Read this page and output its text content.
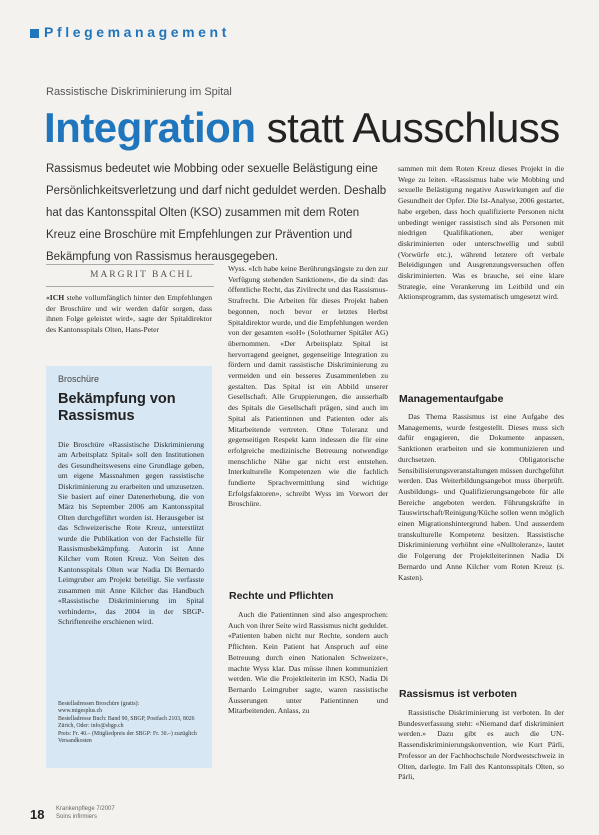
Pflegemanagement
Rassistische Diskriminierung im Spital
Integration statt Ausschluss
Rassismus bedeutet wie Mobbing oder sexuelle Belästigung eine Persönlichkeitsverletzung und darf nicht geduldet werden. Deshalb hat das Kantonsspital Olten (KSO) zusammen mit dem Roten Kreuz eine Broschüre mit Empfehlungen zur Prävention und Bekämpfung von Rassismus herausgegeben.
MARGRIT BACHL

«ICH stehe vollumfänglich hinter den Empfehlungen der Broschüre und wir werden dafür sorgen, dass ihnen Folge geleistet wird», sagte der Spitaldirektor des Kantonsspitals Olten, Hans-Peter

Broschüre
Bekämpfung von Rassismus

Die Broschüre «Rassistische Diskriminierung am Arbeitsplatz Spital» soll den Institutionen des Gesundheitswesens eine Grundlage geben, um eigene Massnahmen gegen rassistische Diskriminierung zu erarbeiten und umzusetzen. Sie basiert auf einer Datenerhebung, die von März bis September 2006 am Kantonsspital Olten durchgeführt worden ist. Herausgeber ist das Schweizerische Rote Kreuz, unterstützt wurde die Publikation von der Fachstelle für Rassismusbekämpfung. Autorin ist Anne Kilcher vom Roten Kreuz. Von Seiten des Kantonsspitals Olten war Nadia Di Bernardo Leimgruber am Projekt beteiligt. Sie verfasste zusammen mit Anne Kilcher das Handbuch «Rassistische Diskriminierung im Spital verhindern», das 2004 in der SBGP-Schriftenreihe erschienen wird.

Bestelladressen Broschüre (gratis):

www.migesplus.ch

Bestelladresse Buch: Band 90, SBGP, Postfach 2103, 8026 Zürich, Oder: info@sbgp.ch

Preis: Fr. 40.– (Mitgliedpreis der SBGP: Fr. 30.–) zuzüglich Versandkosten

Wyss. «Ich habe keine Berührungsängste zu den zur Verfügung stehenden Sanktionen», die da sind: das öffentliche Recht, das Zivilrecht und das Rassismus-Strafrecht. Die Arbeiten für dieses Projekt haben begonnen, noch bevor er letztes Herbst Spitaldirektor wurde, und die Empfehlungen werden von der gesamten «soH» (Solothurner Spitäler AG) übernommen. «Der Arbeitsplatz Spital ist hervorragend geeignet, gegenseitige Integration zu fördern und damit rassistische Diskriminierung zu vermeiden und ein besseres Zusammenleben zu gestalten. Das Spital ist ein Abbild unserer Gesellschaft. Alle Gruppierungen, die ausserhalb des Spitals die Gesellschaft prägen, sind auch im Spital als Patientinnen und Patienten oder als Mitarbeitende vertreten. Ohne Toleranz und gegenseitigen Respekt kann indessen die für eine erfolgreiche medizinische Betreuung notwendige menschliche Nähe gar nicht erst entstehen. Interkulturelle Kompetenzen wie die fachlich fundierte Sprachvermittlung sind wichtige Erfolgsfaktoren», schreibt Wyss im Vorwort der Broschüre.

Rechte und Pflichten

Auch die Patientinnen sind also angesprochen: Auch von ihrer Seite wird Rassismus nicht geduldet. «Patienten haben nicht nur Rechte, sondern auch Pflichten. Kein Patient hat Anspruch auf eine Betreuung durch einen Nationalen Schweizer», machte Wyss klar. Das müsse ihnen kommuniziert werden. Wie die Projektleiterin im KSO, Nadia Di Bernardo Leimgruber sagte, waren rassistische Äusserungen unter Patientinnen und Mitarbeitenden. Anlass, zu

sammen mit dem Roten Kreuz dieses Projekt in die Wege zu leiten. «Rassismus habe wie Mobbing und sexuelle Belästigung negative Auswirkungen auf die Gesundheit der Opfer. Die Ist-Analyse, 2006 gestartet, habe ergeben, dass hoch qualifizierte Personen nicht unbedingt weniger rassistisch sind als Personen mit niedrigen Qualifikationen, aber weniger diskriminierten oder unterschwellig und subtil (Vorwürfe etc.), während letztere oft verbale Beleidigungen und Ausgrenzungsversuchen offen diskriminierten. Was es brauche, sei eine klare Strategie, eine Verankerung im Leitbild und ein Aktionsprogramm, das systematisch umgesetzt wird.

Managementaufgabe

Das Thema Rassismus ist eine Aufgabe des Managements, wurde festgestellt. Dieses muss sich dafür engagieren, die Dokumente anpassen, Sanktionen erarbeiten und sie kommunizieren und durchsetzen. Obligatorische Sensibilisierungsveranstaltungen müssen durchgeführt werden. Das Weiterbildungsangebot muss überprüft. Ausbildungs- und Qualifizierungsangebote für alle Bereiche angeboten werden. Führungskräfte in Tauswirtschaft/Reinigung/Küche sollen wenn möglich einen Migrationshintergrund haben. Und ausserdem transkulturelle Kompetenz besitzen. Rassistische Diskriminierung verhöhnt eine «Nulltoleranz», lautet die Folgerung der Projektleiterinnen Nadia Di Bernardo und Anne Kilcher vom Roten Kreuz (s. Kasten).

Rassismus ist verboten

Rassistische Diskriminierung ist verboten. In der Bundesverfassung steht: «Niemand darf diskriminiert werden.» Dazu gibt es auch die UN-Rassendiskriminierungskonvention, wie Kurt Pärli, Professor an der Fachhochschule Nordwestschweiz in Olten, darlegte. Im Fall des Kantonsspitals Olten, so Pärli,

18 Krankenpflege 7/2007
Soins infirmiers
